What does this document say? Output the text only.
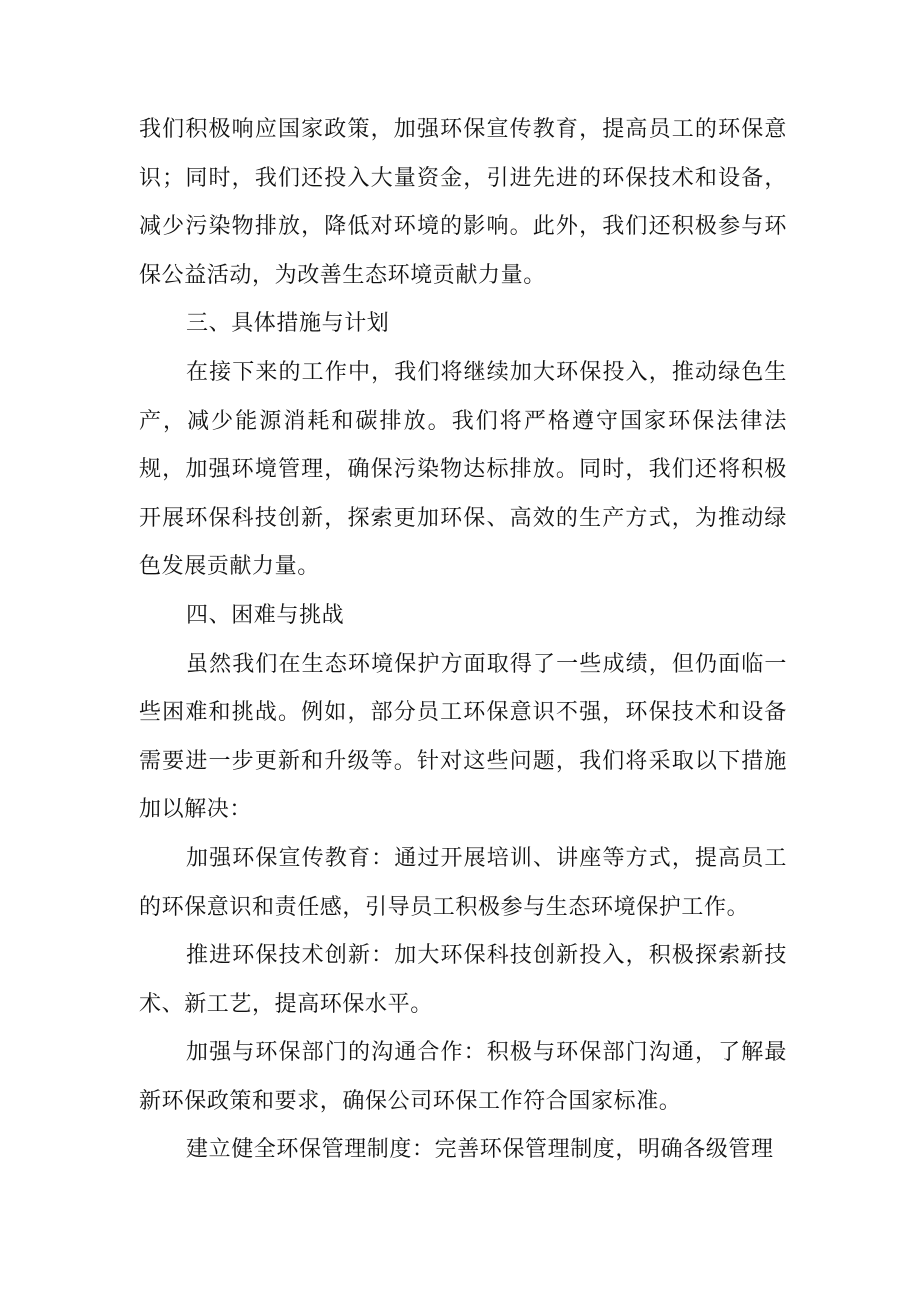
我们积极响应国家政策，加强环保宣传教育，提高员工的环保意识；同时，我们还投入大量资金，引进先进的环保技术和设备，减少污染物排放，降低对环境的影响。此外，我们还积极参与环保公益活动，为改善生态环境贡献力量。

三、具体措施与计划

在接下来的工作中，我们将继续加大环保投入，推动绿色生产，减少能源消耗和碳排放。我们将严格遵守国家环保法律法规，加强环境管理，确保污染物达标排放。同时，我们还将积极开展环保科技创新，探索更加环保、高效的生产方式，为推动绿色发展贡献力量。

四、困难与挑战

虽然我们在生态环境保护方面取得了一些成绩，但仍面临一些困难和挑战。例如，部分员工环保意识不强，环保技术和设备需要进一步更新和升级等。针对这些问题，我们将采取以下措施加以解决：

加强环保宣传教育：通过开展培训、讲座等方式，提高员工的环保意识和责任感，引导员工积极参与生态环境保护工作。

推进环保技术创新：加大环保科技创新投入，积极探索新技术、新工艺，提高环保水平。

加强与环保部门的沟通合作：积极与环保部门沟通，了解最新环保政策和要求，确保公司环保工作符合国家标准。

建立健全环保管理制度：完善环保管理制度，明确各级管理
